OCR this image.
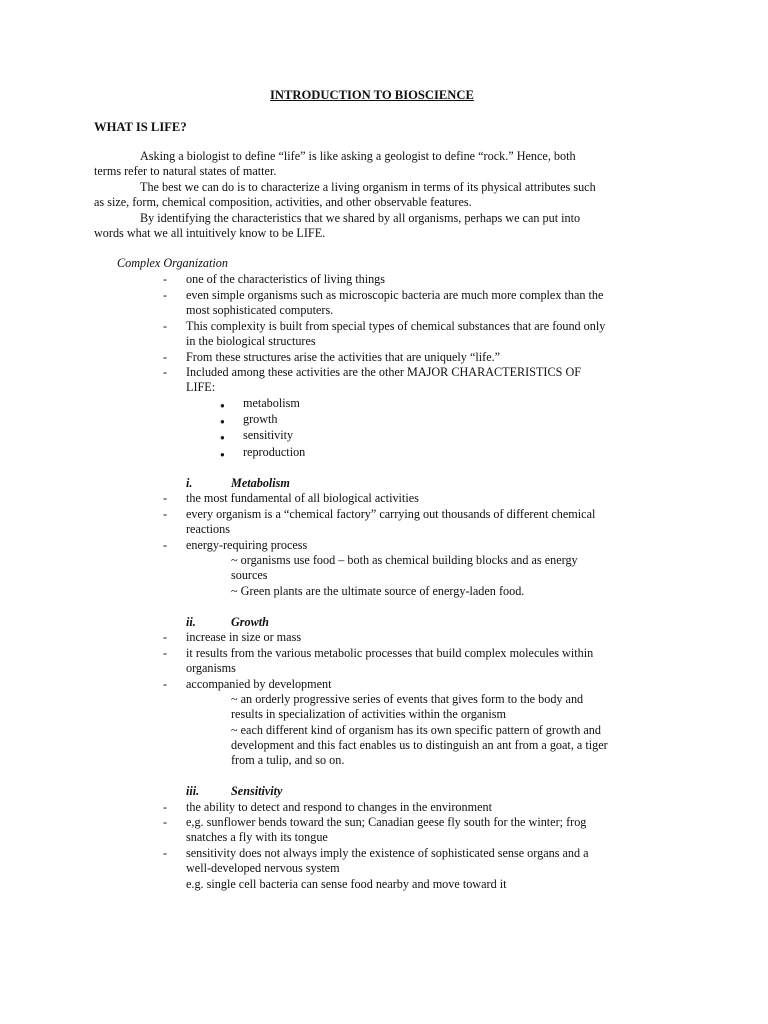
INTRODUCTION TO BIOSCIENCE
WHAT IS LIFE?
Asking a biologist to define “life” is like asking a geologist to define “rock.” Hence, both
terms refer to natural states of matter.
The best we can do is to characterize a living organism in terms of its physical attributes such
as size, form, chemical composition, activities, and other observable features.
By identifying the characteristics that we shared by all organisms, perhaps we can put into
words what we all intuitively know to be LIFE.
Complex Organization
-	one of the characteristics of living things
-	even simple organisms such as microscopic bacteria are much more complex than the
most sophisticated computers.
-	This complexity is built from special types of chemical substances that are found only
in the biological structures
-	From these structures arise the activities that are uniquely “life.”
-	Included among these activities are the other MAJOR CHARACTERISTICS OF
LIFE:
●
metabolism
●
growth
●
sensitivity
●
reproduction
i.	Metabolism
-	the most fundamental of all biological activities
-	every organism is a “chemical factory” carrying out thousands of different chemical
reactions
-	energy-requiring process
~ organisms use food – both as chemical building blocks and as energy
sources
~ Green plants are the ultimate source of energy-laden food.
ii.	Growth
-	increase in size or mass
-	it results from the various metabolic processes that build complex molecules within
organisms
-	accompanied by development
~ an orderly progressive series of events that gives form to the body and
results in specialization of activities within the organism
~ each different kind of organism has its own specific pattern of growth and
development and this fact enables us to distinguish an ant from a goat, a tiger
from a tulip, and so on.
iii.	Sensitivity
-	the ability to detect and respond to changes in the environment
-	e,g. sunflower bends toward the sun; Canadian geese fly south for the winter; frog
snatches a fly with its tongue
-	sensitivity does not always imply the existence of sophisticated sense organs and a
well-developed nervous system
e.g. single cell bacteria can sense food nearby and move toward it
